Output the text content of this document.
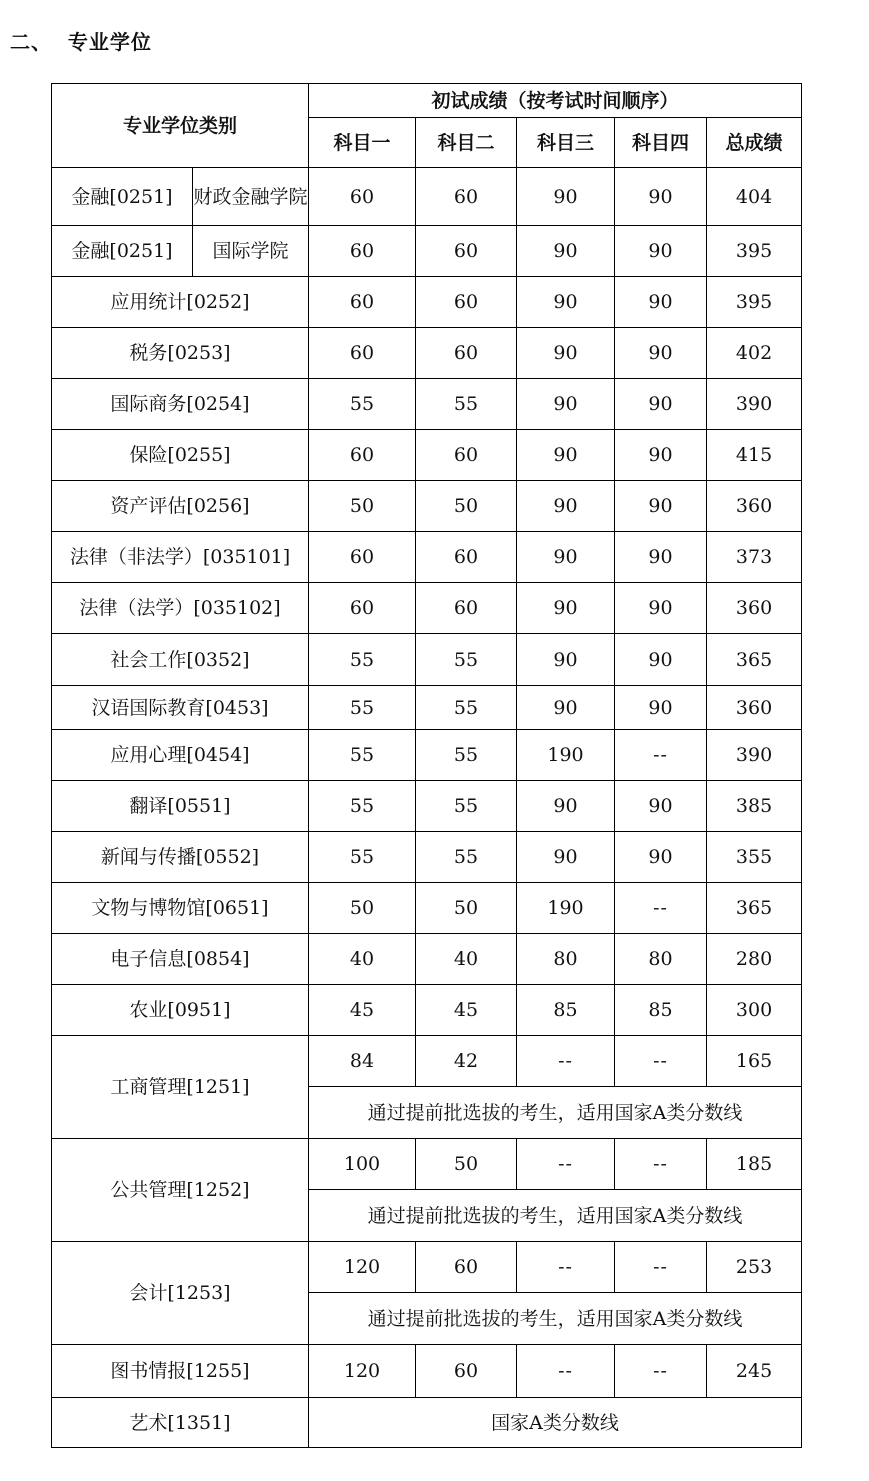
二、  专业学位
专业学位类别		初试成绩（按考试时间顺序）				
		科目一	科目二	科目三	科目四	总成绩
金融[0251]	财政金融学院	60	60	90	90	404
金融[0251]	国际学院	60	60	90	90	395
应用统计[0252]		60	60	90	90	395
税务[0253]		60	60	90	90	402
国际商务[0254]		55	55	90	90	390
保险[0255]		60	60	90	90	415
资产评估[0256]		50	50	90	90	360
法律（非法学）[035101]		60	60	90	90	373
法律（法学）[035102]		60	60	90	90	360
社会工作[0352]		55	55	90	90	365
汉语国际教育[0453]		55	55	90	90	360
应用心理[0454]		55	55	190	--	390
翻译[0551]		55	55	90	90	385
新闻与传播[0552]		55	55	90	90	355
文物与博物馆[0651]		50	50	190	--	365
电子信息[0854]		40	40	80	80	280
农业[0951]		45	45	85	85	300
工商管理[1251]		84	42	--	--	165
		通过提前批选拔的考生，适用国家A类分数线				
公共管理[1252]		100	50	--	--	185
		通过提前批选拔的考生，适用国家A类分数线				
会计[1253]		120	60	--	--	253
		通过提前批选拔的考生，适用国家A类分数线				
图书情报[1255]		120	60	--	--	245
艺术[1351]		国家A类分数线				
